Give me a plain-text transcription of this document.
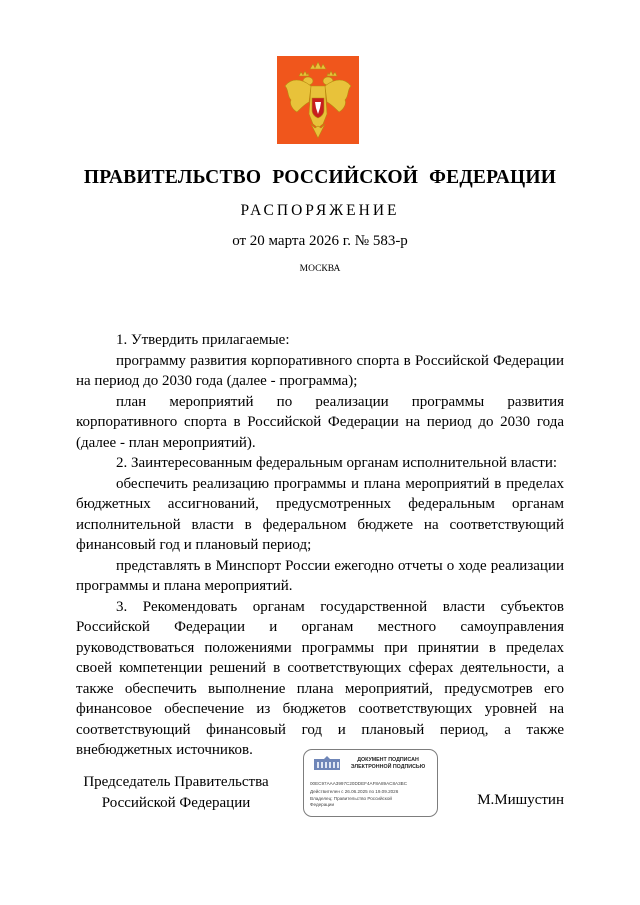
ПРАВИТЕЛЬСТВО РОССИЙСКОЙ ФЕДЕРАЦИИ
РАСПОРЯЖЕНИЕ
от 20 марта 2026 г. № 583-р
МОСКВА

1. Утвердить прилагаемые:

программу развития корпоративного спорта в Российской Федерации на период до 2030 года (далее - программа);

план мероприятий по реализации программы развития корпоративного спорта в Российской Федерации на период до 2030 года (далее - план мероприятий).

2. Заинтересованным федеральным органам исполнительной власти:

обеспечить реализацию программы и плана мероприятий в пределах бюджетных ассигнований, предусмотренных федеральным органам исполнительной власти в федеральном бюджете на соответствующий финансовый год и плановый период;

представлять в Минспорт России ежегодно отчеты о ходе реализации программы и плана мероприятий.

3. Рекомендовать органам государственной власти субъектов Российской Федерации и органам местного самоуправления руководствоваться положениями программы при принятии в пределах своей компетенции решений в соответствующих сферах деятельности, а также обеспечить выполнение плана мероприятий, предусмотрев его финансовое обеспечение из бюджетов соответствующих уровней на соответствующий финансовый год и плановый период, а также внебюджетных источников.

Председатель Правительства
Российской Федерации
ДОКУМЕНТ ПОДПИСАН
ЭЛЕКТРОННОЙ ПОДПИСЬЮ
00EC97AAA3997C20DDEF4AF8A89AC8A3BC
Действителен с 26.06.2025 по 19.09.2026
Владелец: Правительство Российской
Федерации	М.Мишустин
